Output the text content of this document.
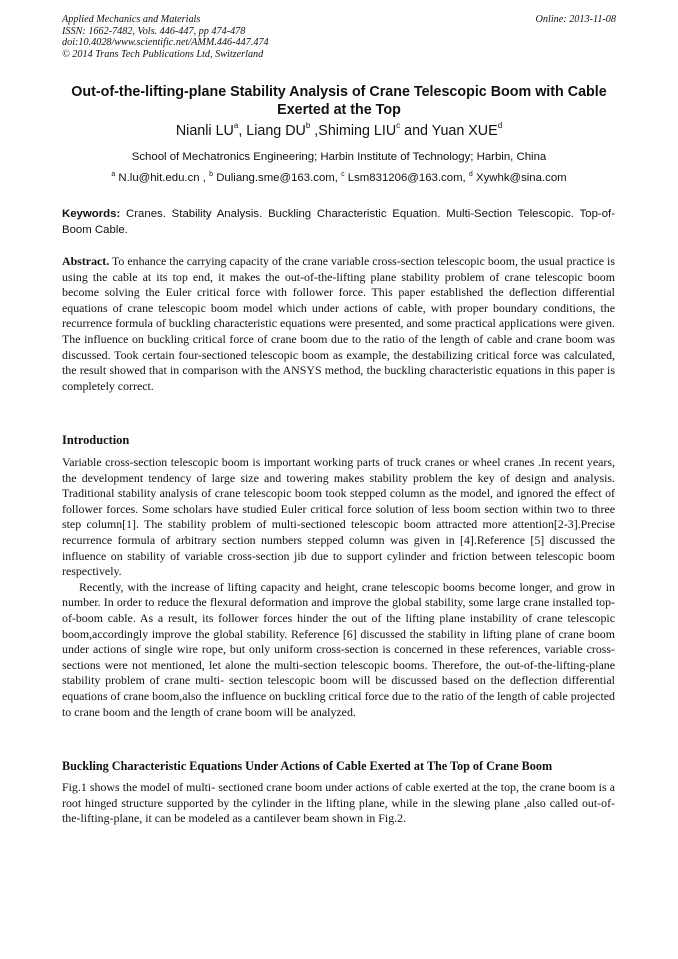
Applied Mechanics and Materials
ISSN: 1662-7482, Vols. 446-447, pp 474-478
doi:10.4028/www.scientific.net/AMM.446-447.474
© 2014 Trans Tech Publications Ltd, Switzerland
Online: 2013-11-08
Out-of-the-lifting-plane Stability Analysis of Crane Telescopic Boom with Cable Exerted at the Top
Nianli $LU^a$, Liang $DU^b$ ,Shiming LIU$^c$ and Yuan XUE$^d$
School of Mechatronics Engineering; Harbin Institute of Technology; Harbin, China
$^a$ N.lu@hit.edu.cn , $^b$ Duliang.sme@163.com, $^c$ Lsm831206@163.com, $^d$ Xywhk@sina.com
Keywords: Cranes. Stability Analysis. Buckling Characteristic Equation. Multi-Section Telescopic. Top-of-Boom Cable.
Abstract. To enhance the carrying capacity of the crane variable cross-section telescopic boom, the usual practice is using the cable at its top end, it makes the out-of-the-lifting plane stability problem of crane telescopic boom become solving the Euler critical force with follower force. This paper established the deflection differential equations of crane telescopic boom model which under actions of cable, with proper boundary conditions, the recurrence formula of buckling characteristic equations were presented, and some practical applications were given. The influence on buckling critical force of crane boom due to the ratio of the length of cable and crane boom was discussed. Took certain four-sectioned telescopic boom as example, the destabilizing critical force was calculated, the result showed that in comparison with the ANSYS method, the buckling characteristic equations in this paper is completely correct.
Introduction

Variable cross-section telescopic boom is important working parts of truck cranes or wheel cranes .In recent years, the development tendency of large size and towering makes stability problem the key of design and analysis. Traditional stability analysis of crane telescopic boom took stepped column as the model, and ignored the effect of follower forces. Some scholars have studied Euler critical force solution of less boom section within two to three step column[1]. The stability problem of multi-sectioned telescopic boom attracted more attention[2-3].Precise recurrence formula of arbitrary section numbers stepped column was given in [4].Reference [5] discussed the influence on stability of variable cross-section jib due to support cylinder and friction between telescopic boom respectively.

Recently, with the increase of lifting capacity and height, crane telescopic booms become longer, and grow in number. In order to reduce the flexural deformation and improve the global stability, some large crane installed top-of-boom cable. As a result, its follower forces hinder the out of the lifting plane instability of crane telescopic boom,accordingly improve the global stability. Reference [6] discussed the stability in lifting plane of crane boom under actions of single wire rope, but only uniform cross-section is concerned in these references, variable cross-sections were not mentioned, let alone the multi-section telescopic booms. Therefore, the out-of-the-lifting-plane stability problem of crane multi- section telescopic boom will be discussed based on the deflection differential equations of crane boom,also the influence on buckling critical force due to the ratio of the length of cable projected to crane boom and the length of crane boom will be analyzed.

Buckling Characteristic Equations Under Actions of Cable Exerted at The Top of Crane Boom

Fig.1 shows the model of multi- sectioned crane boom under actions of cable exerted at the top, the crane boom is a root hinged structure supported by the cylinder in the lifting plane, while in the slewing plane ,also called out-of-the-lifting-plane, it can be modeled as a cantilever beam shown in Fig.2.
